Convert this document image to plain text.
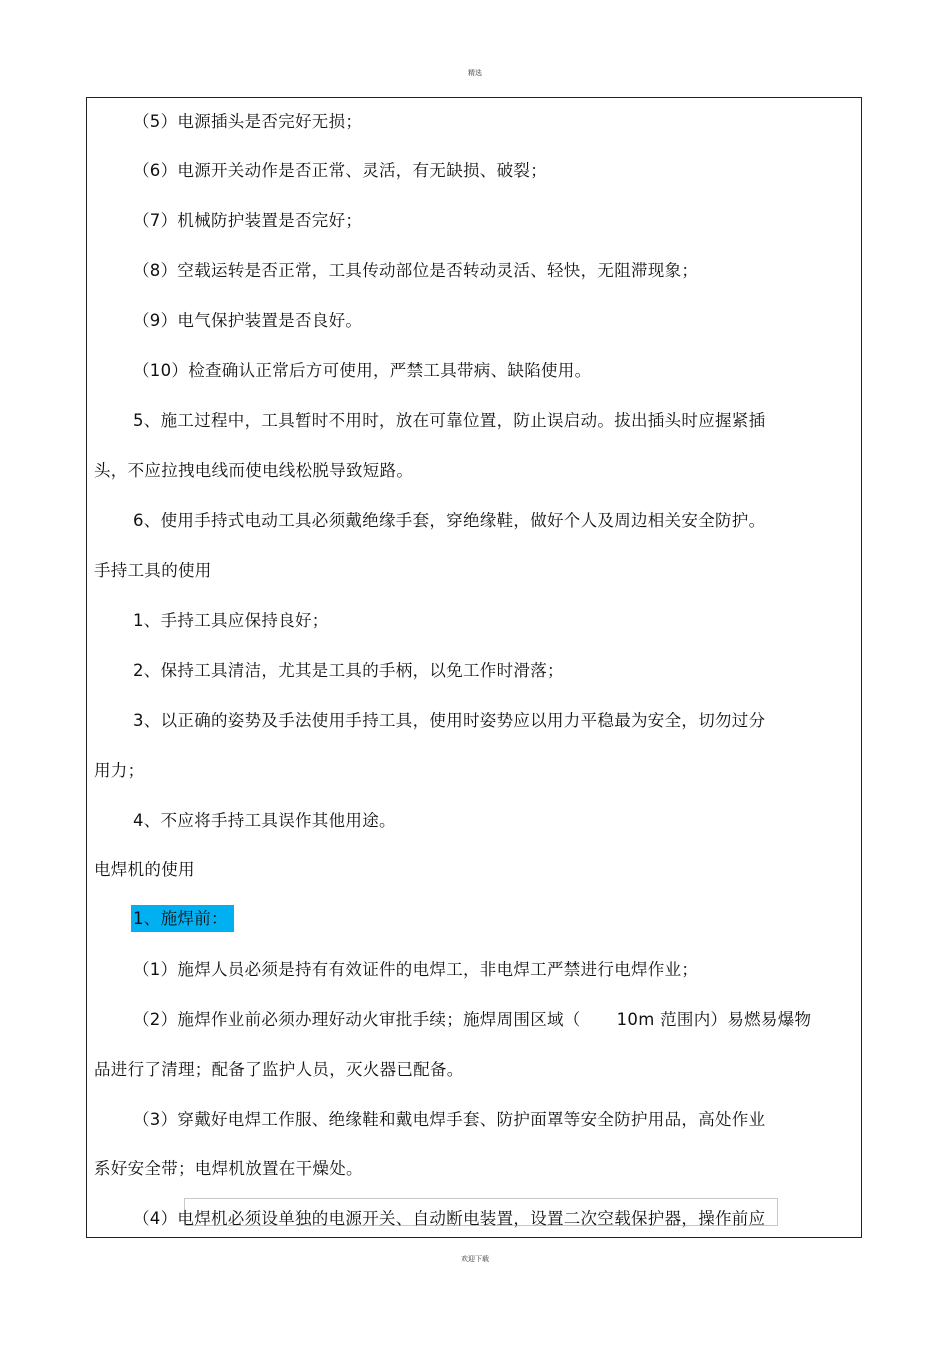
精选
（5）电源插头是否完好无损；
（6）电源开关动作是否正常、灵活，有无缺损、破裂；
（7）机械防护装置是否完好；
（8）空载运转是否正常，工具传动部位是否转动灵活、轻快，无阻滞现象；
（9）电气保护装置是否良好。
（10）检查确认正常后方可使用，严禁工具带病、缺陷使用。
5、施工过程中，工具暂时不用时，放在可靠位置，防止误启动。拔出插头时应握紧插
头，不应拉拽电线而使电线松脱导致短路。
6、使用手持式电动工具必须戴绝缘手套，穿绝缘鞋，做好个人及周边相关安全防护。
手持工具的使用
1、手持工具应保持良好；
2、保持工具清洁，尤其是工具的手柄，以免工作时滑落；
3、以正确的姿势及手法使用手持工具，使用时姿势应以用力平稳最为安全，切勿过分
用力；
4、不应将手持工具误作其他用途。
电焊机的使用
1、施焊前：
（1）施焊人员必须是持有有效证件的电焊工，非电焊工严禁进行电焊作业；
（2）施焊作业前必须办理好动火审批手续；施焊周围区域（ 10m 范围内）易燃易爆物
品进行了清理；配备了监护人员，灭火器已配备。
（3）穿戴好电焊工作服、绝缘鞋和戴电焊手套、防护面罩等安全防护用品，高处作业
系好安全带；电焊机放置在干燥处。
（4）电焊机必须设单独的电源开关、自动断电装置，设置二次空载保护器，操作前应
欢迎下载
